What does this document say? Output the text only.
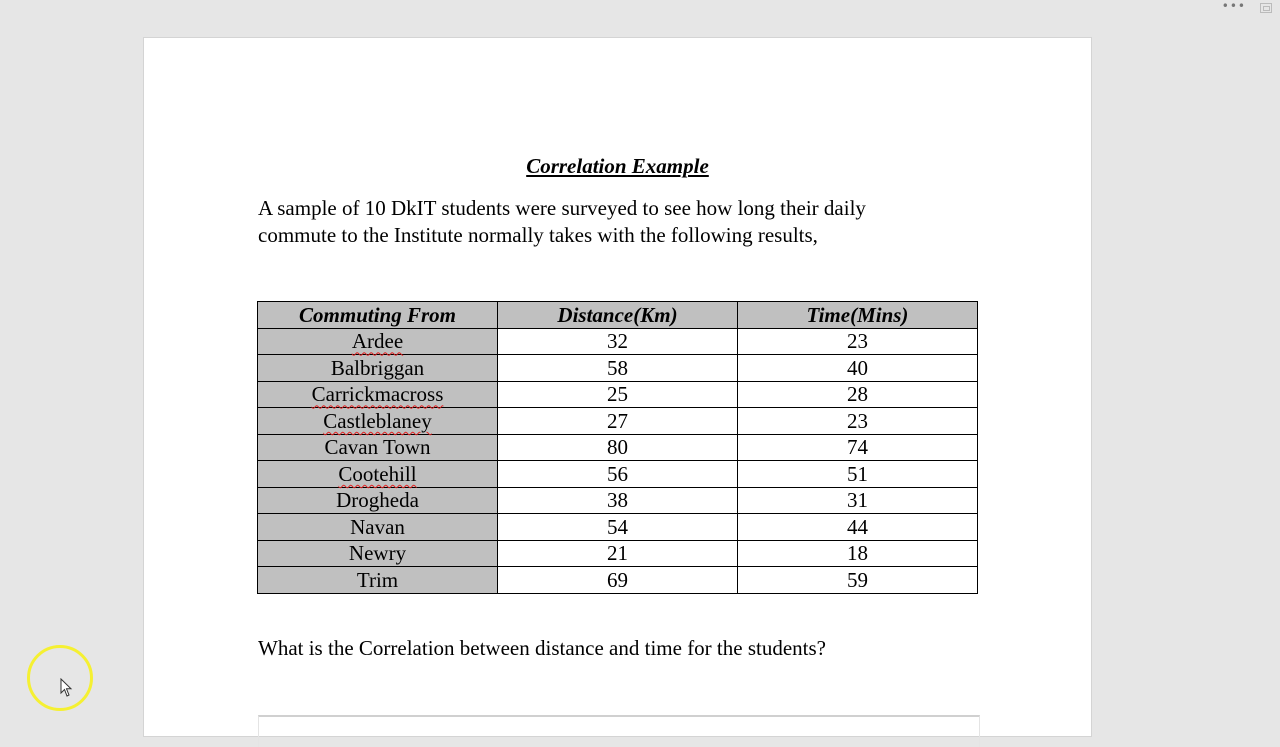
•••
Correlation Example
A sample of 10 DkIT students were surveyed to see how long their daily
commute to the Institute normally takes with the following results,
Commuting From	Distance(Km)	Time(Mins)
Ardee	32	23
Balbriggan	58	40
Carrickmacross	25	28
Castleblaney	27	23
Cavan Town	80	74
Cootehill	56	51
Drogheda	38	31
Navan	54	44
Newry	21	18
Trim	69	59
What is the Correlation between distance and time for the students?
